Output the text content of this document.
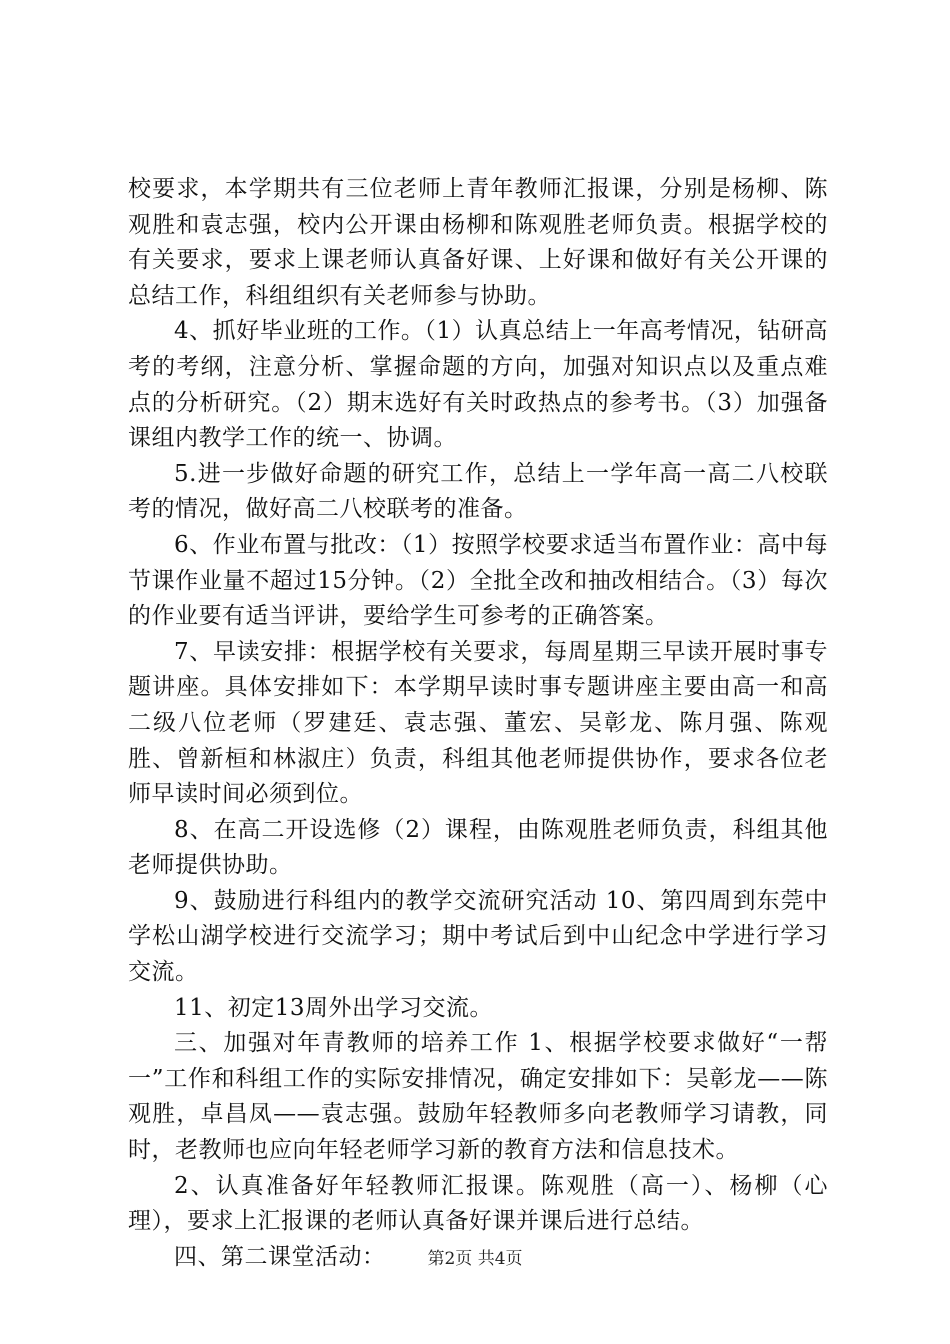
校要求，本学期共有三位老师上青年教师汇报课，分别是杨柳、陈观胜和袁志强，校内公开课由杨柳和陈观胜老师负责。根据学校的有关要求，要求上课老师认真备好课、上好课和做好有关公开课的总结工作，科组组织有关老师参与协助。

4、抓好毕业班的工作。（1）认真总结上一年高考情况，钻研高考的考纲，注意分析、掌握命题的方向，加强对知识点以及重点难点的分析研究。（2）期末选好有关时政热点的参考书。（3）加强备课组内教学工作的统一、协调。

5.进一步做好命题的研究工作，总结上一学年高一高二八校联考的情况，做好高二八校联考的准备。

6、作业布置与批改：（1）按照学校要求适当布置作业：高中每节课作业量不超过15分钟。（2）全批全改和抽改相结合。（3）每次的作业要有适当评讲，要给学生可参考的正确答案。

7、早读安排：根据学校有关要求，每周星期三早读开展时事专题讲座。具体安排如下：本学期早读时事专题讲座主要由高一和高二级八位老师（罗建廷、袁志强、董宏、吴彰龙、陈月强、陈观胜、曾新桓和林淑庄）负责，科组其他老师提供协作，要求各位老师早读时间必须到位。

8、在高二开设选修（2）课程，由陈观胜老师负责，科组其他老师提供协助。

9、鼓励进行科组内的教学交流研究活动 10、第四周到东莞中学松山湖学校进行交流学习；期中考试后到中山纪念中学进行学习交流。

11、初定13周外出学习交流。

三、加强对年青教师的培养工作 1、根据学校要求做好“一帮一”工作和科组工作的实际安排情况，确定安排如下：吴彰龙——陈观胜，卓昌凤——袁志强。鼓励年轻教师多向老教师学习请教，同时，老教师也应向年轻老师学习新的教育方法和信息技术。

2、认真准备好年轻教师汇报课。陈观胜（高一）、杨柳（心理），要求上汇报课的老师认真备好课并课后进行总结。

四、第二课堂活动：	第2页 共4页
